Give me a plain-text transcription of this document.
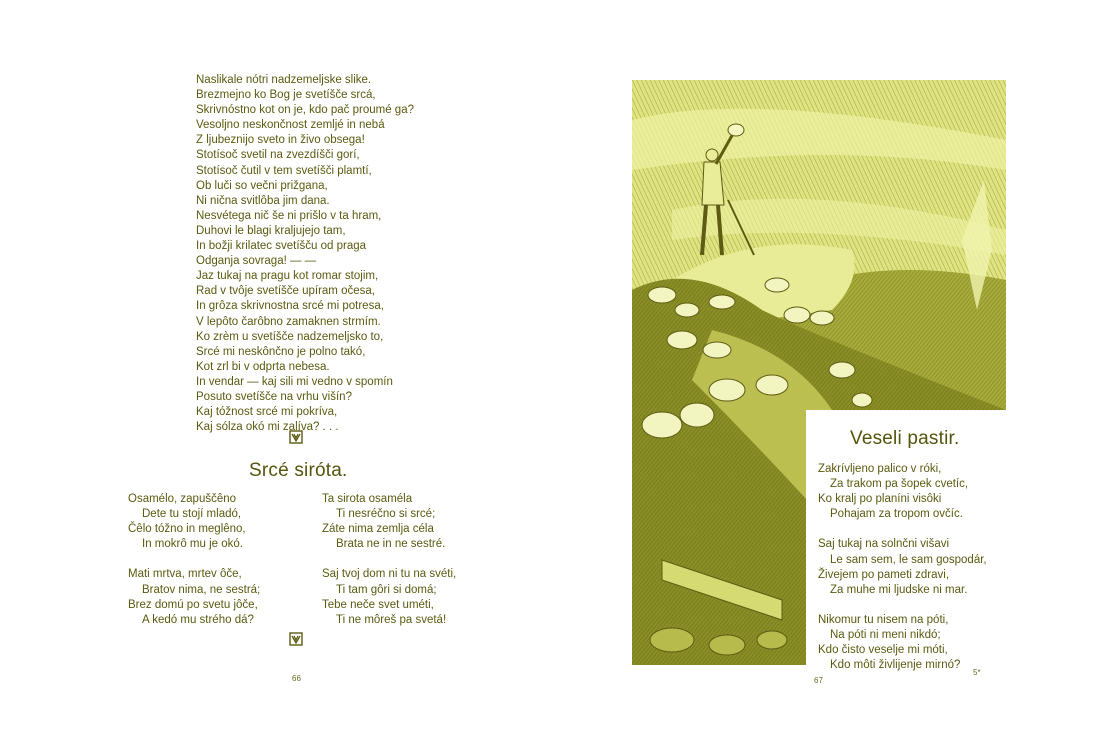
Naslikale nótri nadzemeljske slike.
Brezmejno ko Bog je svetíšče srcá,
Skrivnóstno kot on je, kdo pač proumé ga?
Vesoljno neskončnost zemljé in nebá
Z ljubeznijo sveto in živo obsega!
Stotísoč svetil na zvezdíšči gorí,
Stotísoč čutil v tem svetíšči plamtí,
Ob luči so večni prižgana,
Ni nična svitlôba jim dana.
Nesvétega nič še ni prišlo v ta hram,
Duhovi le blagi kraljujejo tam,
In božji krilatec svetíšču od praga
Odganja sovraga! — —
Jaz tukaj na pragu kot romar stojim,
Rad v tvôje svetíšče upíram očesa,
In grôza skrivnostna srcé mi potresa,
V lepôto čarôbno zamaknen strmím.
Ko zrèm u svetíšče nadzemeljsko to,
Srcé mi neskônčno je polno takó,
Kot zrl bi v odprta nebesa.
In vendar — kaj sili mi vedno v spomín
Posuto svetíšče na vrhu višín?
Kaj tóžnost srcé mi pokríva,
Kaj sólza okó mi zalíva? . . .
Srcé siróta.
Osamélo, zapuščêno
Dete tu stojí mladó,
Čêlo tóžno in meglêno,
In mokrô mu je okó.
Mati mrtva, mrtev ôče,
Bratov nima, ne sestrá;
Brez domú po svetu jôče,
A kedó mu strého dá?
Ta sirota osaméla
Ti nesréčno si srcé;
Záte nima zemlja céla
Brata ne in ne sestré.
Saj tvoj dom ni tu na svéti,
Ti tam gôri si domá;
Tebe neče svet uméti,
Ti ne môreš pa svetá!
66
Veseli pastir.
Zakrívljeno palico v róki,
Za trakom pa šopek cvetíc,
Ko kralj po planíni visôki
Pohajam za tropom ovčíc.
Saj tukaj na solnčni višavi
Le sam sem, le sam gospodár,
Živejem po pameti zdravi,
Za muhe mi ljudske ni mar.
Nikomur tu nisem na póti,
Na póti ni meni nikdó;
Kdo čisto veselje mi móti,
Kdo môti živlijenje mirnó?
67
5*
